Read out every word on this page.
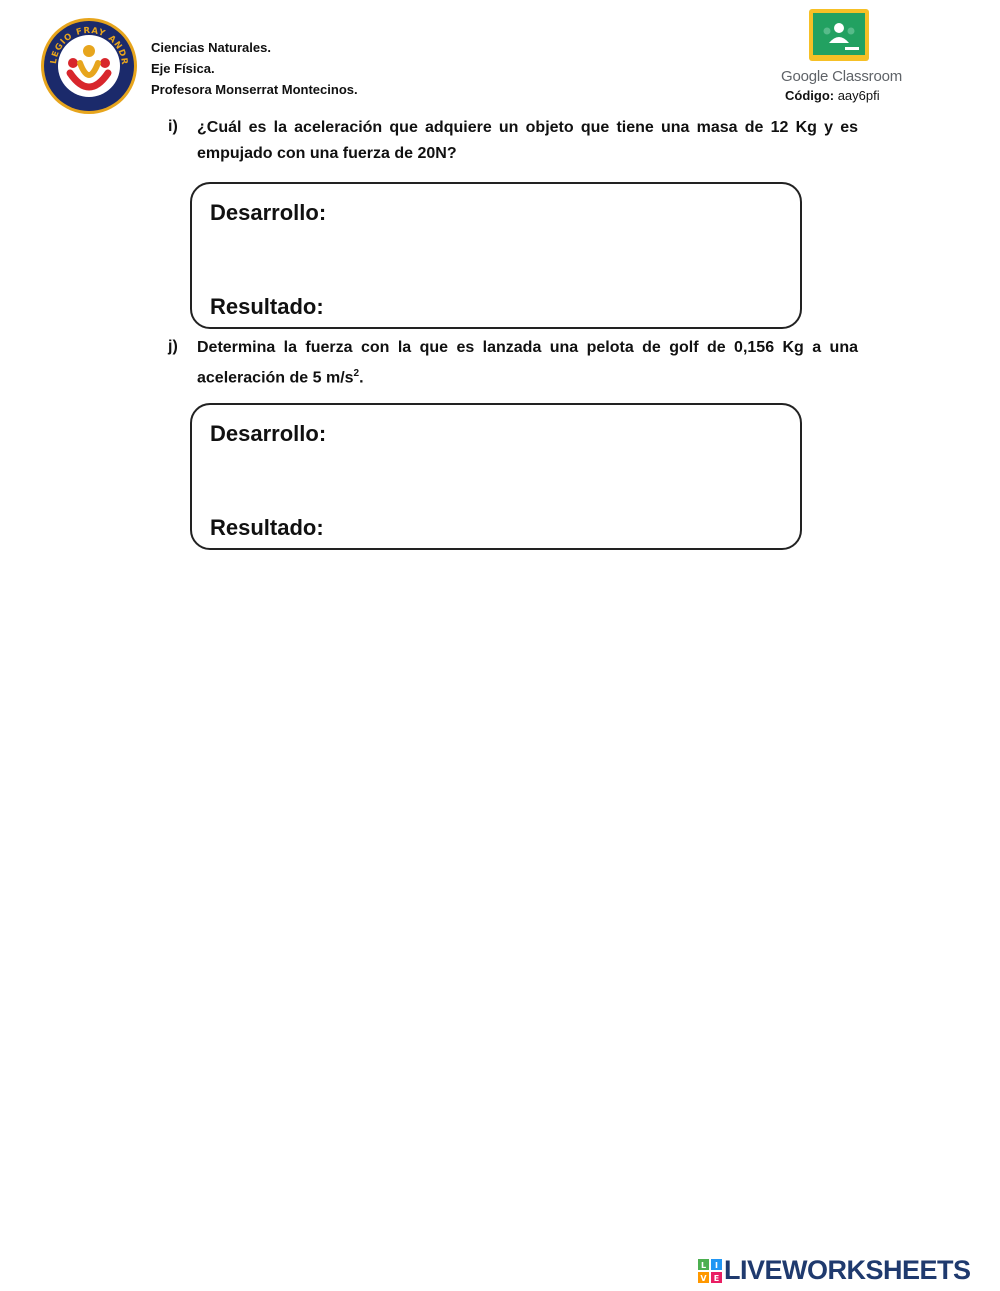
LEGIO FRAY ANDR
Ciencias Naturales.
Eje Física.
Profesora Monserrat Montecinos.
Google Classroom
Código: aay6pfi
i) ¿Cuál es la aceleración que adquiere un objeto que tiene una masa de 12 Kg y es empujado con una fuerza de 20N?
Desarrollo:
Resultado:
j) Determina la fuerza con la que es lanzada una pelota de golf de 0,156 Kg a una aceleración de 5 $m/s^2$.
Desarrollo:
Resultado:
L I
V E LIVEWORKSHEETS
